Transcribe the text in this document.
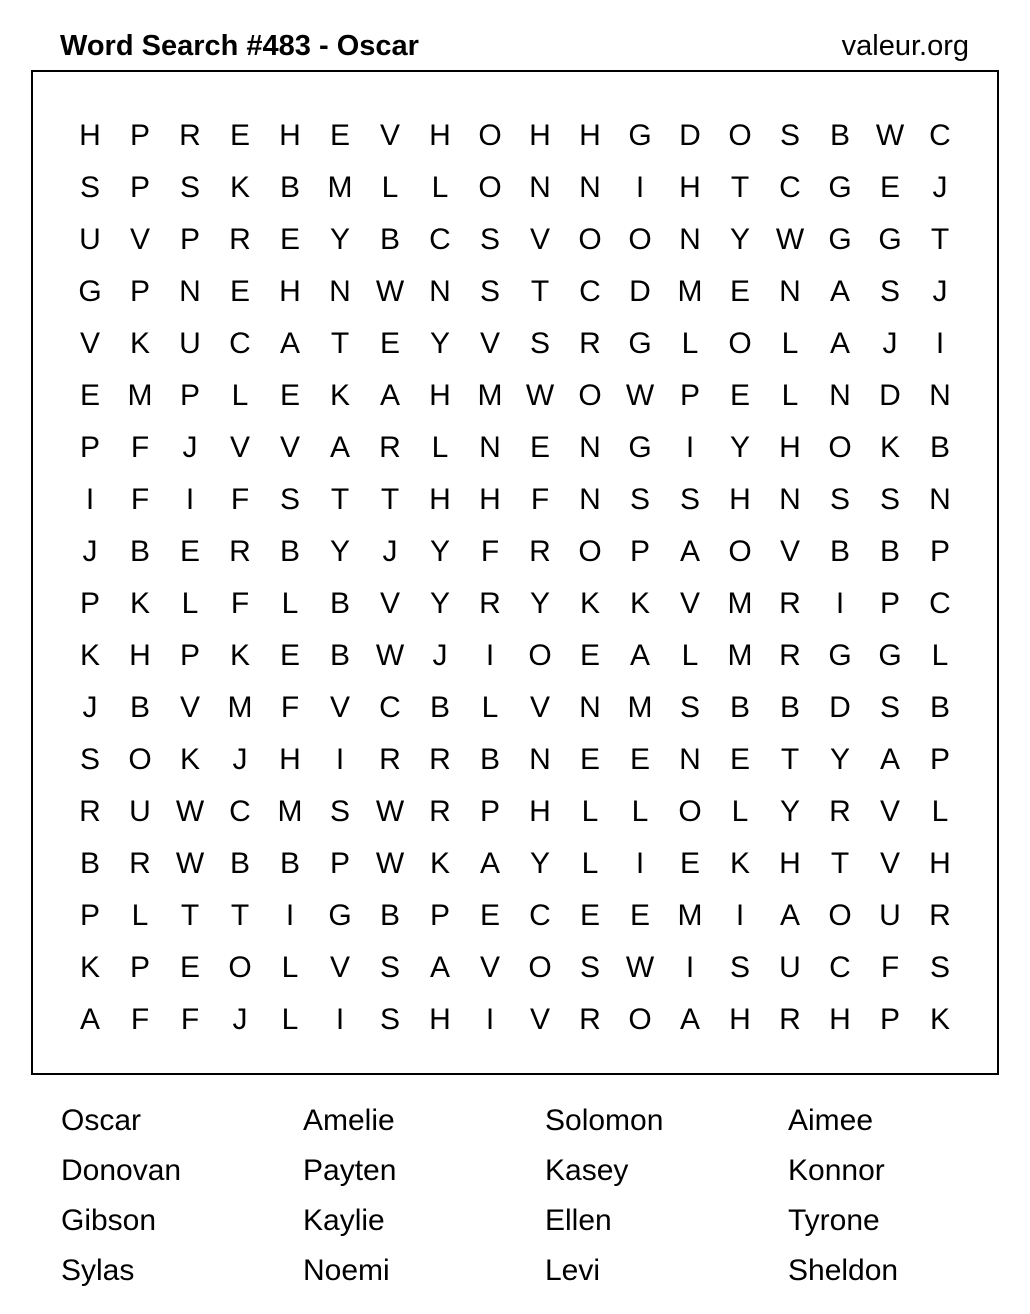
Word Search #483 - Oscar	valeur.org
H P R E H E V H O H H G D O S B W C
S P S K B M L	L O N N	I	H	T	C G E	J
U V P R E Y B C S V O O N Y W G G T
G P N E H N W N S	T	C D M E N A S	J
V K U C A	T	E Y V S R G L O L	A	J	I
E M P	L	E K A H M W O W P E	L	N D N
P	F	J	V V A R	L	N E N G	I	Y H O K B
I	F	I	F	S	T	T	H H	F	N S S H N S S N
J	B E R B Y	J	Y	F	R O P A O V B B P
P K	L	F	L	B V Y R Y K K V M R	I	P C
K H P K E B W J	I	O E A	L M R G G L
J	B V M F	V C B	L	V N M S B B D S B
S O K	J	H	I	R R B N E E N E	T	Y A P
R U W C M S W R P H	L	L O L	Y R V	L
B R W B B P W K A Y	L	I	E K H	T	V H
P	L	T	T	I	G B P E C E E M	I	A O U R
K P E O L	V S A V O S W	I	S U C	F	S
A	F	F	J	L	I	S H	I	V R O A H R H P K
Oscar	Amelie	Solomon	Aimee
Donovan	Payten	Kasey	Konnor
Gibson	Kaylie	Ellen	Tyrone
Sylas	Noemi	Levi	Sheldon
